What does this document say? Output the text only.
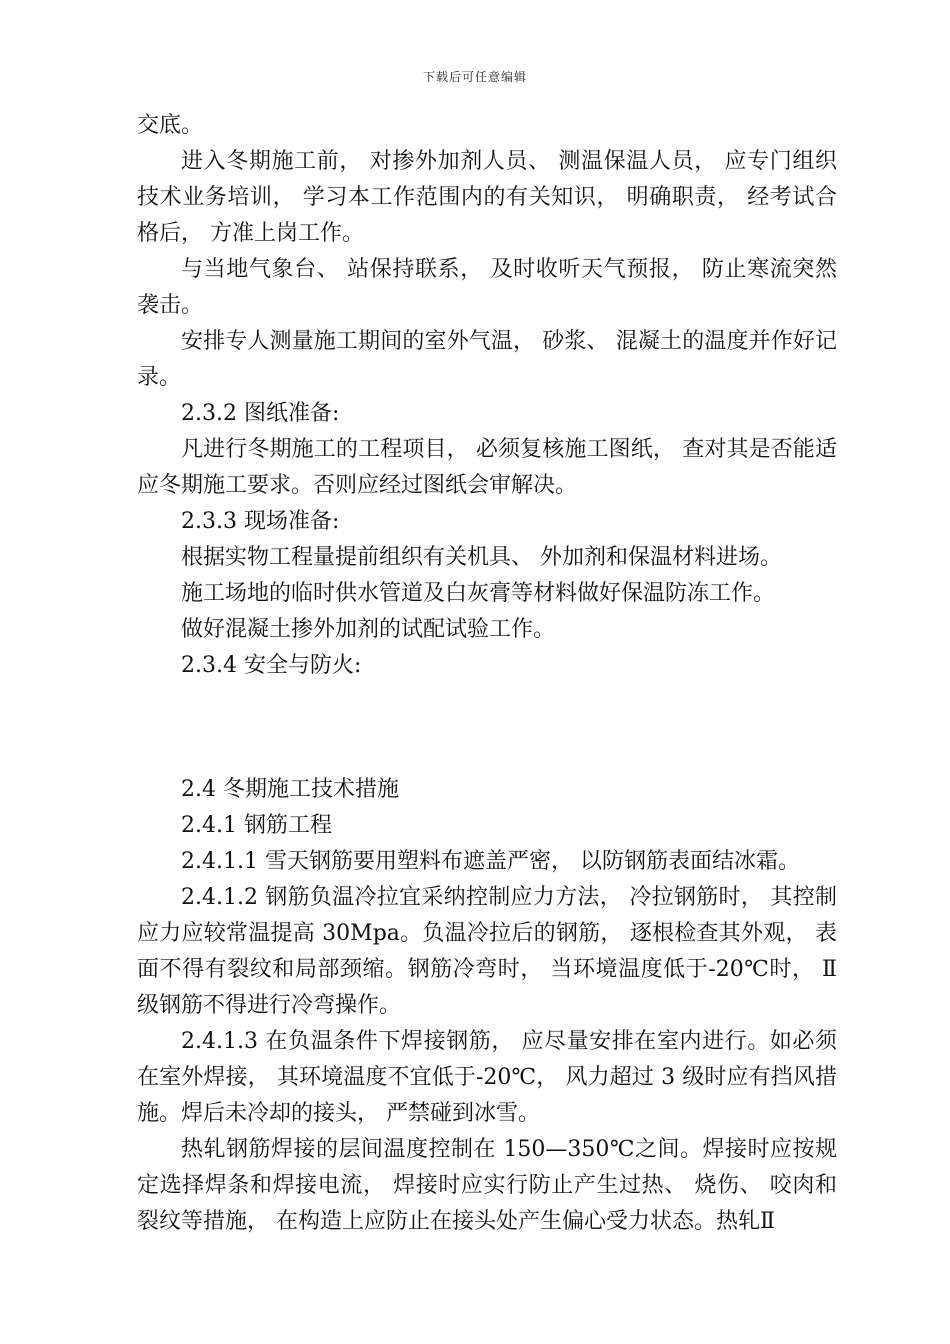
下载后可任意编辑

交底。

进入冬期施工前， 对掺外加剂人员、 测温保温人员， 应专门组织技术业务培训， 学习本工作范围内的有关知识， 明确职责， 经考试合格后， 方准上岗工作。

与当地气象台、 站保持联系， 及时收听天气预报， 防止寒流突然袭击。

安排专人测量施工期间的室外气温， 砂浆、 混凝土的温度并作好记录。

2.3.2 图纸准备:

凡进行冬期施工的工程项目， 必须复核施工图纸， 查对其是否能适应冬期施工要求。否则应经过图纸会审解决。

2.3.3 现场准备:

根据实物工程量提前组织有关机具、 外加剂和保温材料进场。

施工场地的临时供水管道及白灰膏等材料做好保温防冻工作。

做好混凝土掺外加剂的试配试验工作。

2.3.4 安全与防火:

2.4 冬期施工技术措施

2.4.1 钢筋工程

2.4.1.1 雪天钢筋要用塑料布遮盖严密， 以防钢筋表面结冰霜。

2.4.1.2 钢筋负温冷拉宜采纳控制应力方法， 冷拉钢筋时， 其控制应力应较常温提高 30Mpa。负温冷拉后的钢筋， 逐根检查其外观， 表面不得有裂纹和局部颈缩。钢筋冷弯时， 当环境温度低于-20℃时， Ⅱ 级钢筋不得进行冷弯操作。

2.4.1.3 在负温条件下焊接钢筋， 应尽量安排在室内进行。如必须在室外焊接， 其环境温度不宜低于-20℃， 风力超过 3 级时应有挡风措施。焊后未冷却的接头， 严禁碰到冰雪。

热轧钢筋焊接的层间温度控制在 150—350℃之间。焊接时应按规定选择焊条和焊接电流， 焊接时应实行防止产生过热、 烧伤、 咬肉和裂纹等措施， 在构造上应防止在接头处产生偏心受力状态。热轧Ⅱ
